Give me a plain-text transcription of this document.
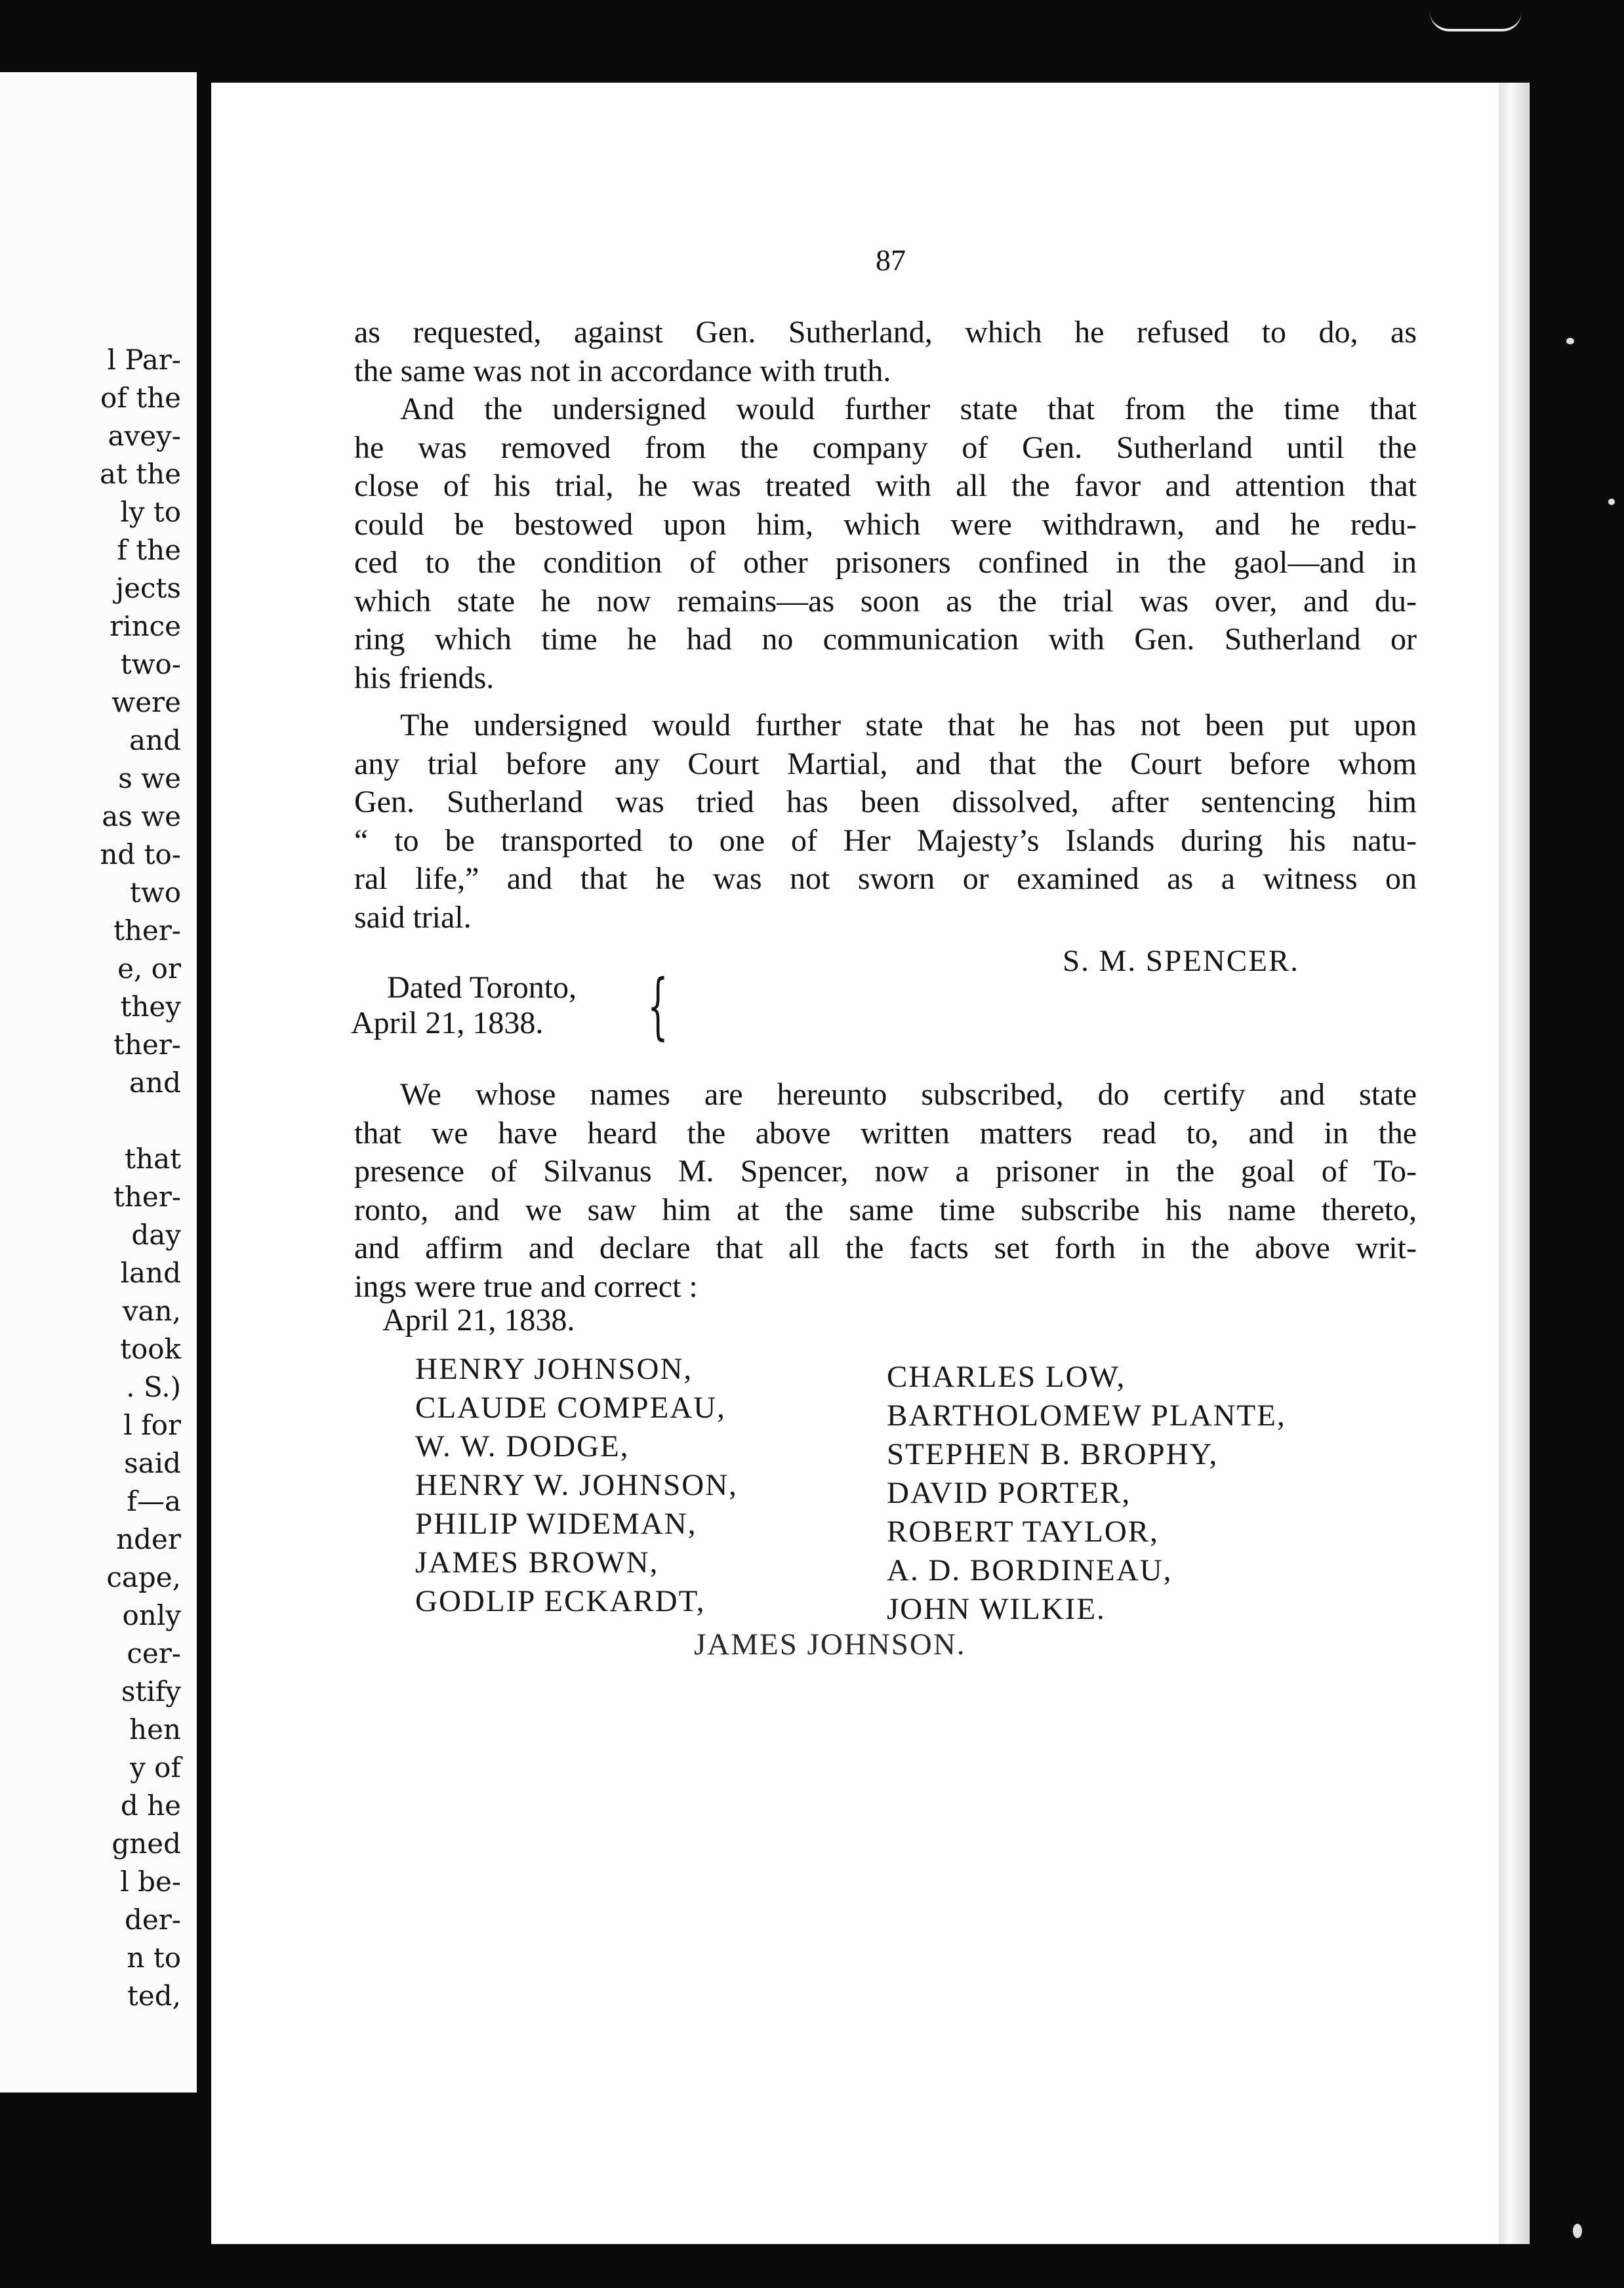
l Par-
of the
avey-
at the
ly to
f the
jects
rince
two-
were
and
s we
as we
nd to-
two
ther-
e, or
they
ther-
and
that
ther-
day
land
van,
took
. S.)
l for
said
f—a
nder
cape,
only
cer-
stify
hen
y of
d he
gned
l be-
der-
n to
ted,
87
as requested, against Gen. Sutherland, which he refused to do, as
the same was not in accordance with truth.
And the undersigned would further state that from the time that
he was removed from the company of Gen. Sutherland until the
close of his trial, he was treated with all the favor and attention that
could be bestowed upon him, which were withdrawn, and he redu-
ced to the condition of other prisoners confined in the gaol—and in
which state he now remains—as soon as the trial was over, and du-
ring which time he had no communication with Gen. Sutherland or
his friends.
The undersigned would further state that he has not been put upon
any trial before any Court Martial, and that the Court before whom
Gen. Sutherland was tried has been dissolved, after sentencing him
“ to be transported to one of Her Majesty’s Islands during his natu-
ral life,” and that he was not sworn or examined as a witness on
said trial.
S. M. SPENCER.
Dated Toronto,
April 21, 1838. {
We whose names are hereunto subscribed, do certify and state
that we have heard the above written matters read to, and in the
presence of Silvanus M. Spencer, now a prisoner in the goal of To-
ronto, and we saw him at the same time subscribe his name thereto,
and affirm and declare that all the facts set forth in the above writ-
ings were true and correct :
April 21, 1838.
HENRY JOHNSON,
CLAUDE COMPEAU,
W. W. DODGE,
HENRY W. JOHNSON,
PHILIP WIDEMAN,
JAMES BROWN,
GODLIP ECKARDT,
CHARLES LOW,
BARTHOLOMEW PLANTE,
STEPHEN B. BROPHY,
DAVID PORTER,
ROBERT TAYLOR,
A. D. BORDINEAU,
JOHN WILKIE.
JAMES JOHNSON.
